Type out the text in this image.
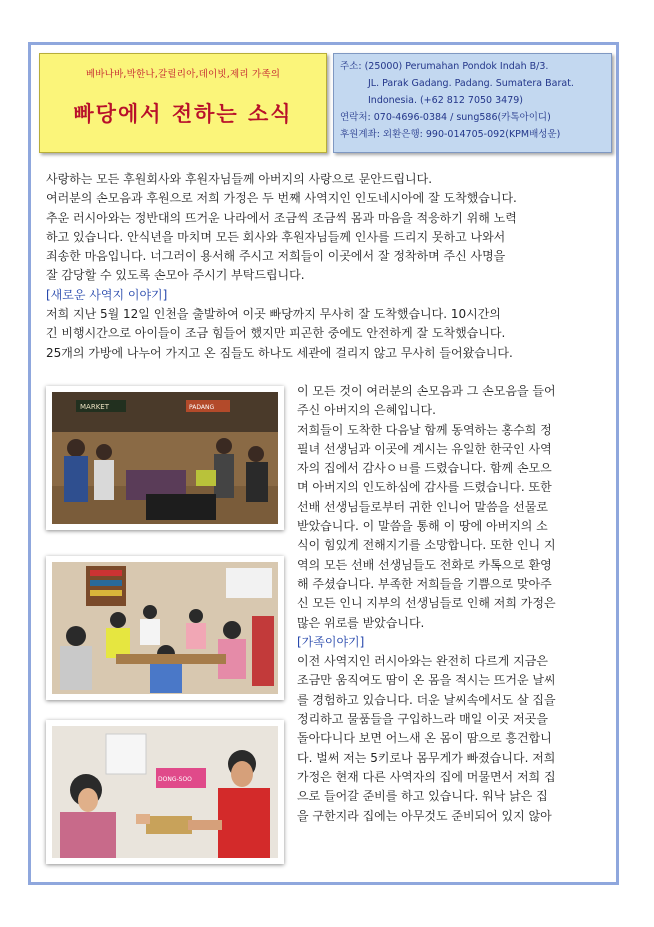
베바나바,박한나,갈릴리아,데이빗,제리 가족의
빠당에서 전하는 소식
주소: (25000) Perumahan Pondok Indah B/3.
JL. Parak Gadang. Padang. Sumatera Barat.
Indonesia. (+62 812 7050 3479)
연락처: 070-4696-0384 / sung586(카톡아이디)
후원계좌: 외환은행: 990-014705-092(KPM배성운)
사랑하는 모든 후원회사와 후원자님들께 아버지의 사랑으로 문안드립니다.
여러분의 손모음과 후원으로 저희 가정은 두 번째 사역지인 인도네시아에 잘 도착했습니다.
추운 러시아와는 정반대의 뜨거운 나라에서 조금씩 조금씩 몸과 마음을 적응하기 위해 노력
하고 있습니다. 안식년을 마치며 모든 회사와 후원자님들께 인사를 드리지 못하고 나와서
죄송한 마음입니다. 너그러이 용서해 주시고 저희들이 이곳에서 잘 정착하며 주신 사명을
잘 감당할 수 있도록 손모아 주시기 부탁드립니다.
[새로운 사역지 이야기]
저희 지난 5월 12일 인천을 출발하여 이곳 빠당까지 무사히 잘 도착했습니다. 10시간의
긴 비행시간으로 아이들이 조금 힘들어 했지만 피곤한 중에도 안전하게 잘 도착했습니다.
25개의 가방에 나누어 가지고 온 짐들도 하나도 세관에 걸리지 않고 무사히 들어왔습니다.
이 모든 것이 여러분의 손모음과 그 손모음을 들어
주신 아버지의 은혜입니다.
저희들이 도착한 다음날 함께 동역하는 홍수희 정
필녀 선생님과 이곳에 계시는 유일한 한국인 사역
자의 집에서 감사ㅇㅂ를 드렸습니다. 함께 손모으
며 아버지의 인도하심에 감사를 드렸습니다. 또한
선배 선생님들로부터 귀한 인니어 말씀을 선물로
받았습니다. 이 말씀을 통해 이 땅에 아버지의 소
식이 힘있게 전해지기를 소망합니다. 또한 인니 지
역의 모든 선배 선생님들도 전화로 카톡으로 환영
해 주셨습니다. 부족한 저희들을 기쁨으로 맞아주
신 모든 인니 지부의 선생님들로 인해 저희 가정은
많은 위로를 받았습니다.
[가족이야기]
이전 사역지인 러시아와는 완전히 다르게 지금은
조금만 움직여도 땀이 온 몸을 적시는 뜨거운 날씨
를 경험하고 있습니다. 더운 날씨속에서도 살 집을
정리하고 물품들을 구입하느라 매일 이곳 저곳을
돌아다니다 보면 어느새 온 몸이 땀으로 흥건합니
다. 벌써 저는 5키로나 몸무게가 빠졌습니다. 저희
가정은 현재 다른 사역자의 집에 머물면서 저희 집
으로 들어갈 준비를 하고 있습니다. 워낙 낡은 집
을 구한지라 집에는 아무것도 준비되어 있지 않아
MARKET	PADANG
DONG-SOO
